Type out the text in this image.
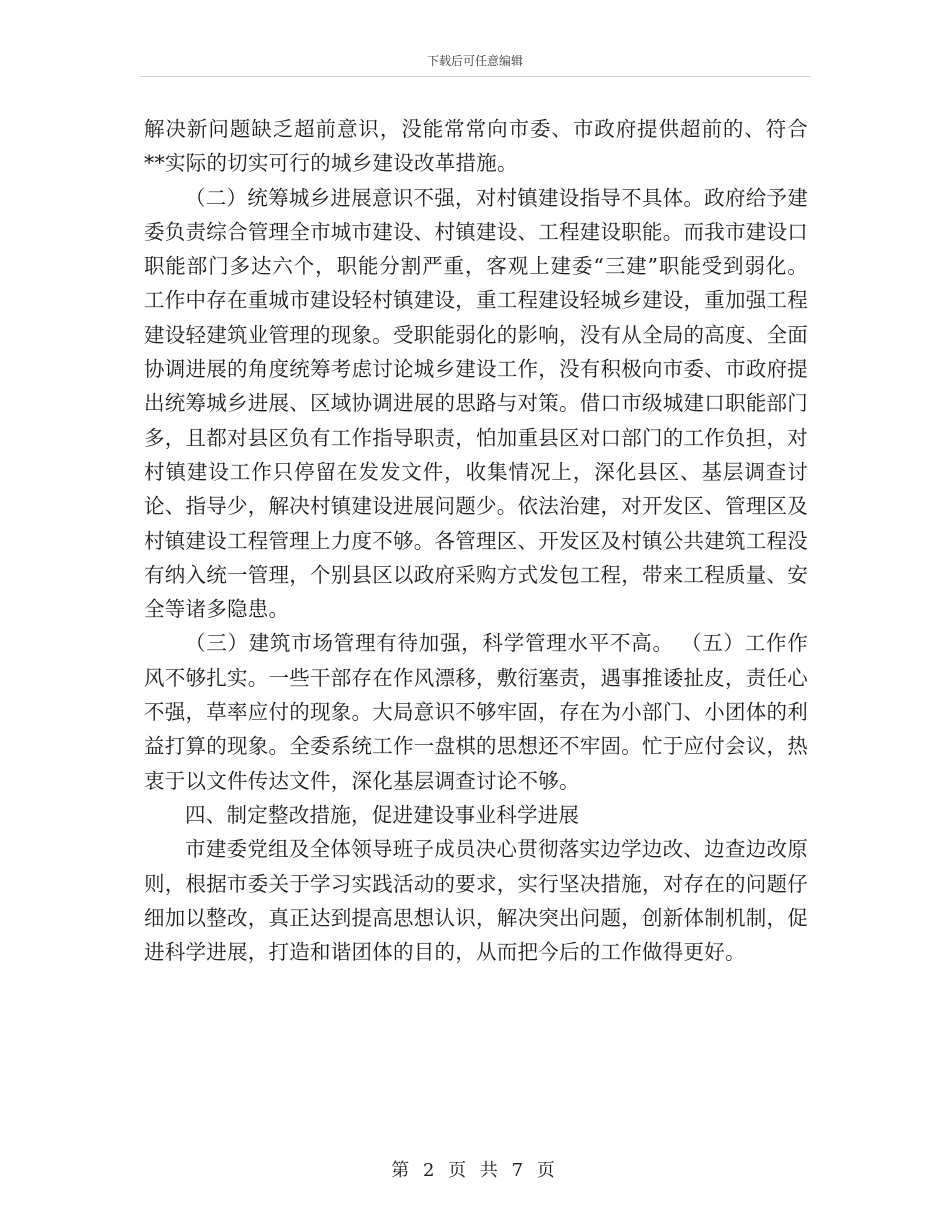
下载后可任意编辑

解决新问题缺乏超前意识，没能常常向市委、市政府提供超前的、符合**实际的切实可行的城乡建设改革措施。

（二）统筹城乡进展意识不强，对村镇建设指导不具体。政府给予建委负责综合管理全市城市建设、村镇建设、工程建设职能。而我市建设口职能部门多达六个，职能分割严重，客观上建委“三建”职能受到弱化。工作中存在重城市建设轻村镇建设，重工程建设轻城乡建设，重加强工程建设轻建筑业管理的现象。受职能弱化的影响，没有从全局的高度、全面协调进展的角度统筹考虑讨论城乡建设工作，没有积极向市委、市政府提出统筹城乡进展、区域协调进展的思路与对策。借口市级城建口职能部门多，且都对县区负有工作指导职责，怕加重县区对口部门的工作负担，对村镇建设工作只停留在发发文件，收集情况上，深化县区、基层调查讨论、指导少，解决村镇建设进展问题少。依法治建，对开发区、管理区及村镇建设工程管理上力度不够。各管理区、开发区及村镇公共建筑工程没有纳入统一管理，个别县区以政府采购方式发包工程，带来工程质量、安全等诸多隐患。

（三）建筑市场管理有待加强，科学管理水平不高。 （五）工作作风不够扎实。一些干部存在作风漂移，敷衍塞责，遇事推诿扯皮，责任心不强，草率应付的现象。大局意识不够牢固，存在为小部门、小团体的利益打算的现象。全委系统工作一盘棋的思想还不牢固。忙于应付会议，热衷于以文件传达文件，深化基层调查讨论不够。

四、制定整改措施，促进建设事业科学进展

市建委党组及全体领导班子成员决心贯彻落实边学边改、边查边改原则，根据市委关于学习实践活动的要求，实行坚决措施，对存在的问题仔细加以整改，真正达到提高思想认识，解决突出问题，创新体制机制，促进科学进展，打造和谐团体的目的，从而把今后的工作做得更好。

第 2 页 共 7 页
